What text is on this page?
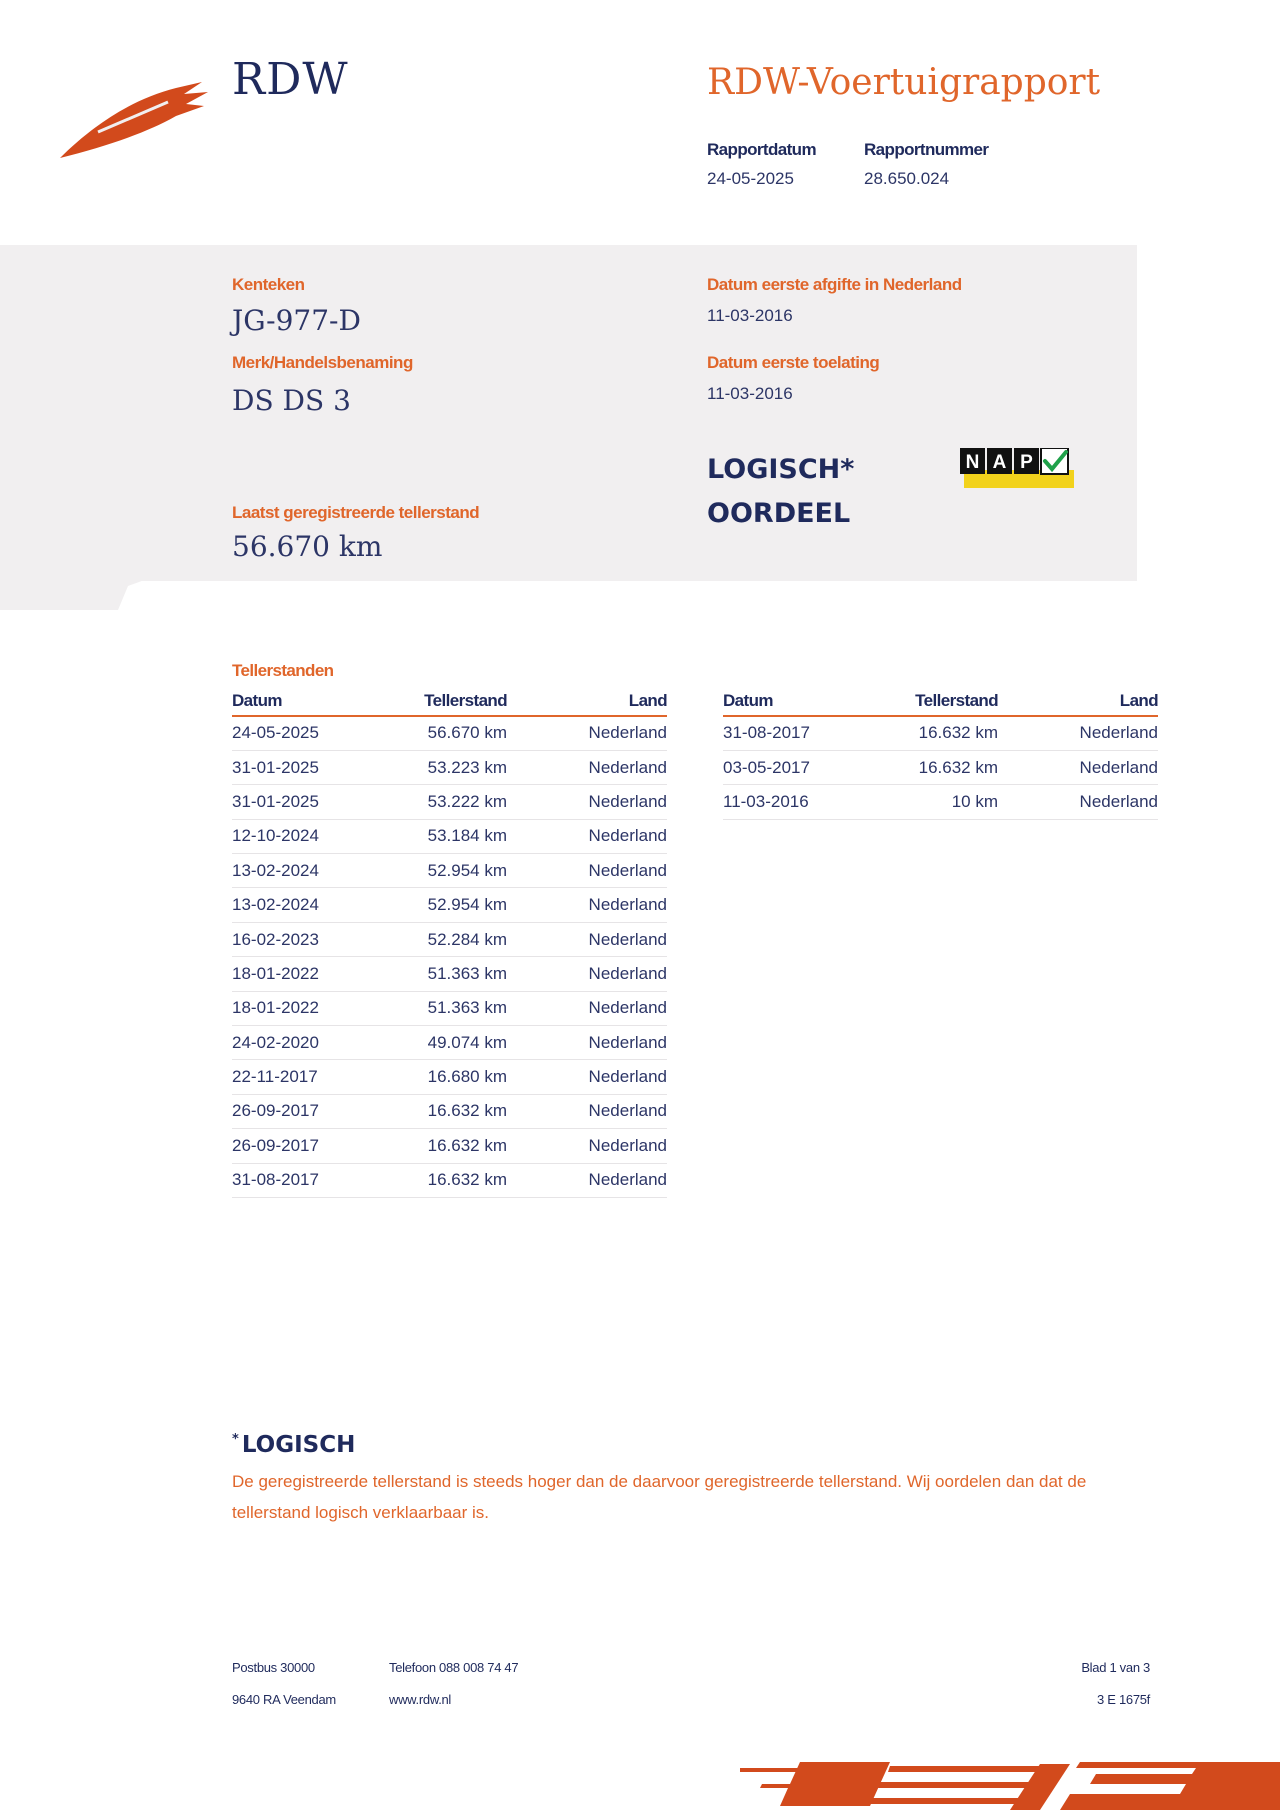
RDW	RDW-Voertuigrapport
Rapportdatum
24-05-2025
Rapportnummer
28.650.024
Kenteken
JG-977-D
Merk/Handelsbenaming
DS DS 3
Laatst geregistreerde tellerstand
56.670 km
Datum eerste afgifte in Nederland
11-03-2016
Datum eerste toelating
11-03-2016
LOGISCH*
OORDEEL
N A P
Tellerstanden
Datum	Tellerstand	Land
24-05-2025	56.670 km	Nederland
31-01-2025	53.223 km	Nederland
31-01-2025	53.222 km	Nederland
12-10-2024	53.184 km	Nederland
13-02-2024	52.954 km	Nederland
13-02-2024	52.954 km	Nederland
16-02-2023	52.284 km	Nederland
18-01-2022	51.363 km	Nederland
18-01-2022	51.363 km	Nederland
24-02-2020	49.074 km	Nederland
22-11-2017	16.680 km	Nederland
26-09-2017	16.632 km	Nederland
26-09-2017	16.632 km	Nederland
31-08-2017	16.632 km	Nederland
Datum	Tellerstand	Land
31-08-2017	16.632 km	Nederland
03-05-2017	16.632 km	Nederland
11-03-2016	10 km	Nederland
* LOGISCH
De geregistreerde tellerstand is steeds hoger dan de daarvoor geregistreerde tellerstand. Wij oordelen dan dat de tellerstand logisch verklaarbaar is.
Postbus 30000
9640 RA Veendam
Telefoon 088 008 74 47
www.rdw.nl
Blad 1 van 3
3 E 1675f
